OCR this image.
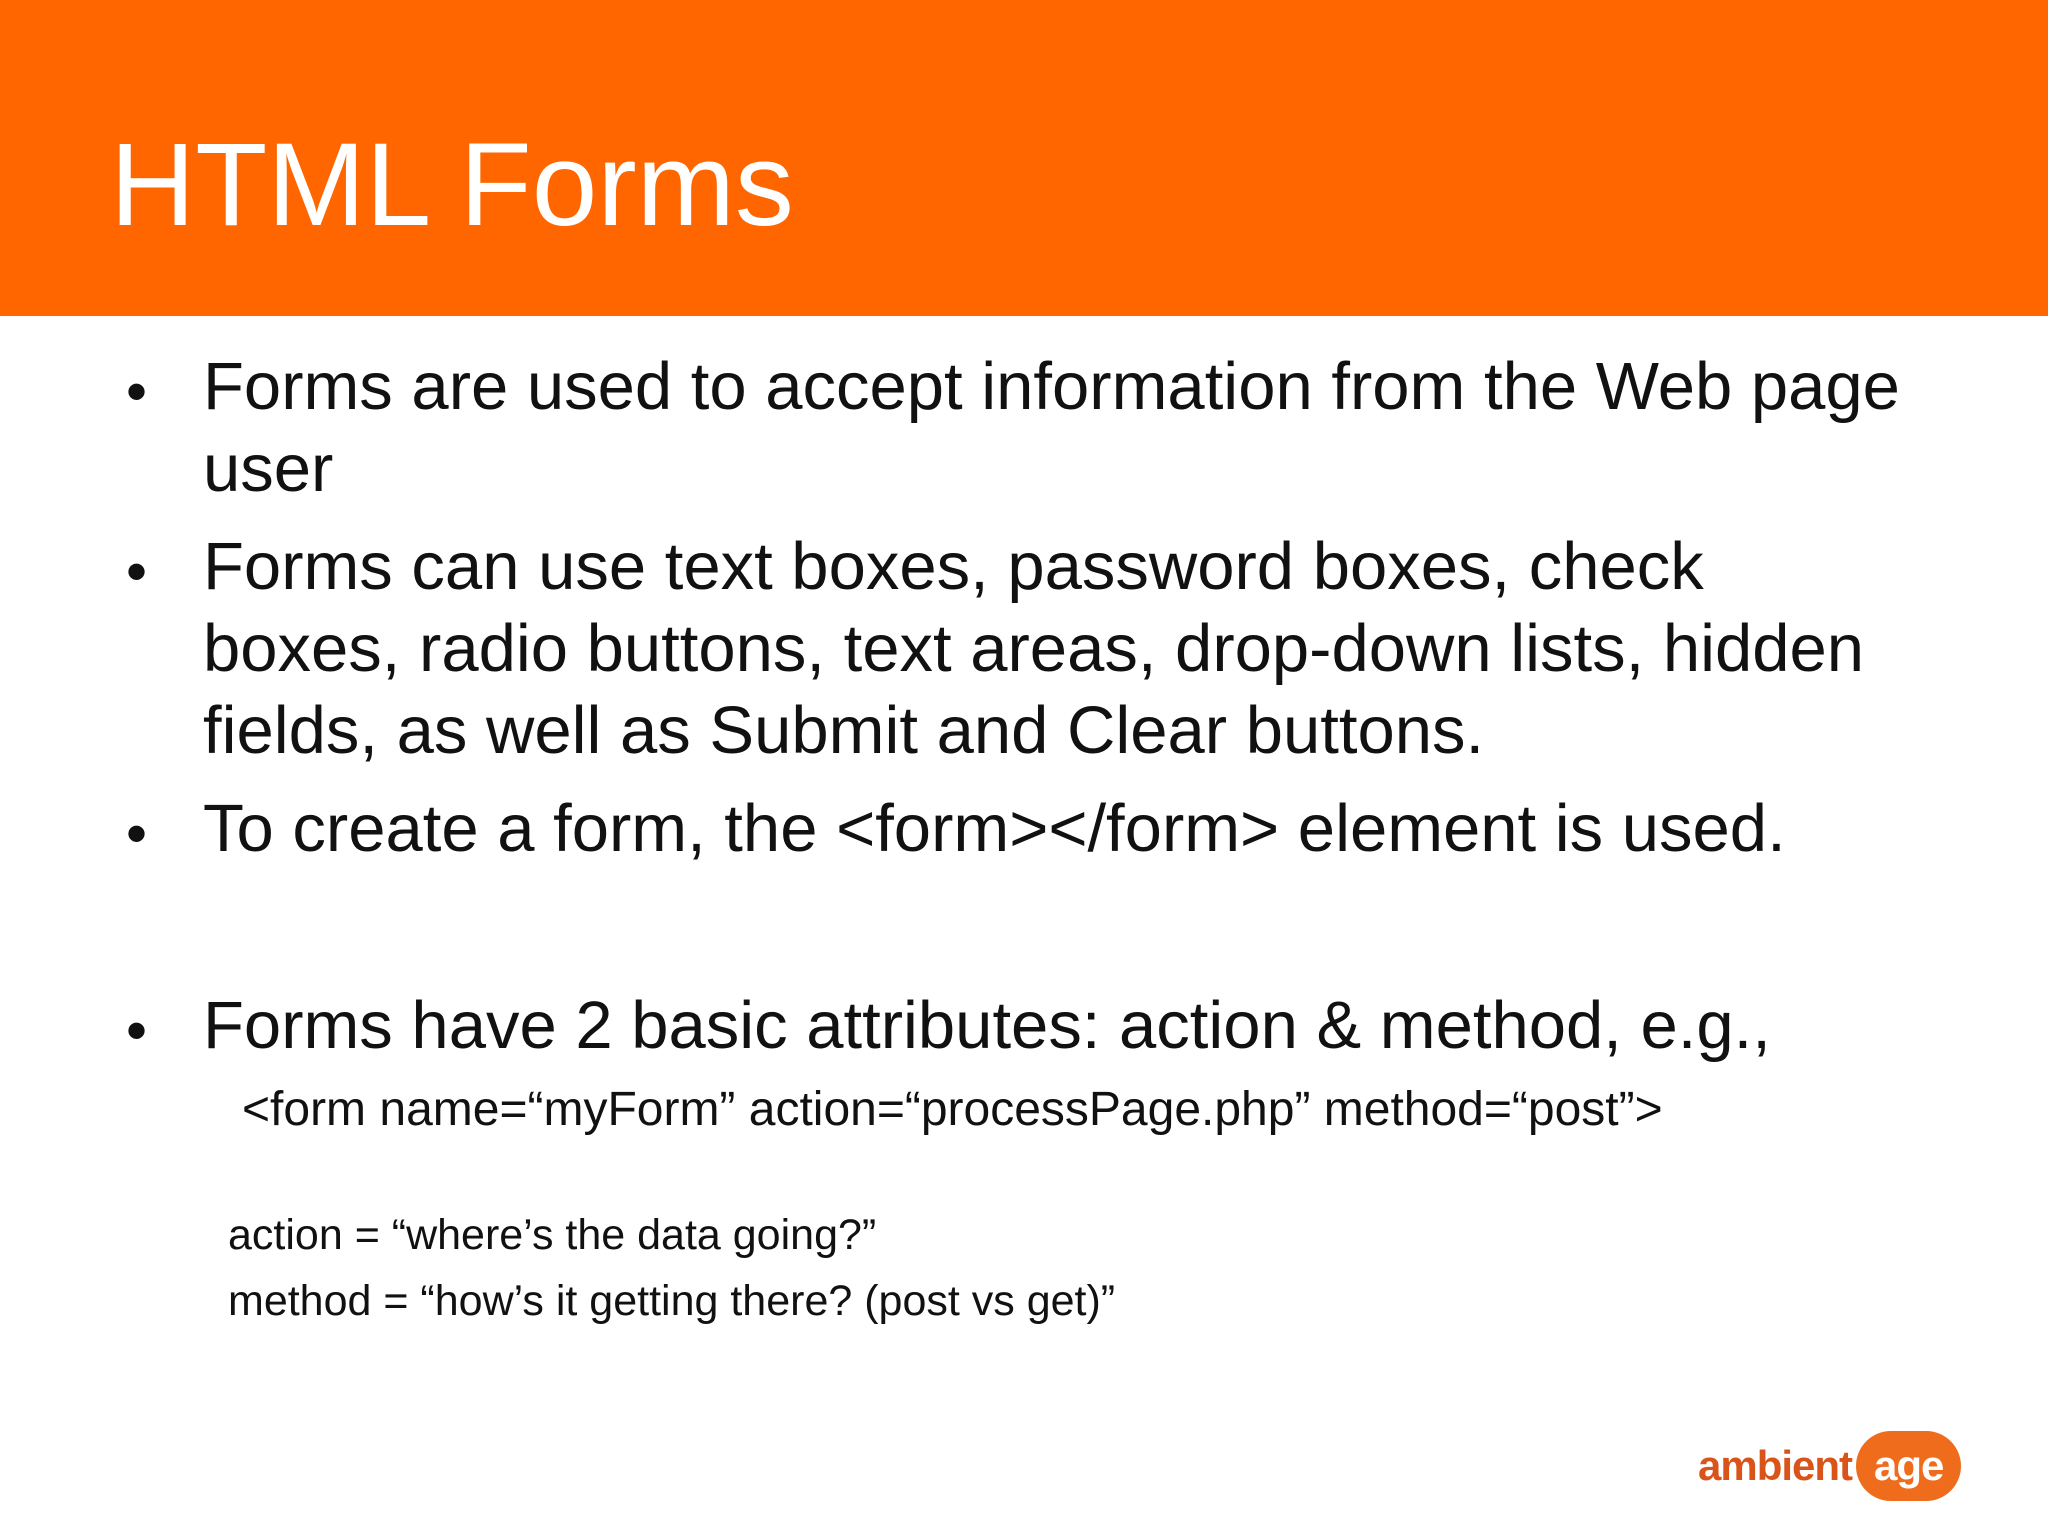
HTML Forms
• Forms are used to accept information from the Web page
user
• Forms can use text boxes, password boxes, check
boxes, radio buttons, text areas, drop-down lists, hidden
fields, as well as Submit and Clear buttons.
• To create a form, the <form></form> element is used.
• Forms have 2 basic attributes: action & method, e.g.,
<form name=“myForm” action=“processPage.php” method=“post”>
action = “where’s the data going?”
method = “how’s it getting there? (post vs get)”
ambient age
